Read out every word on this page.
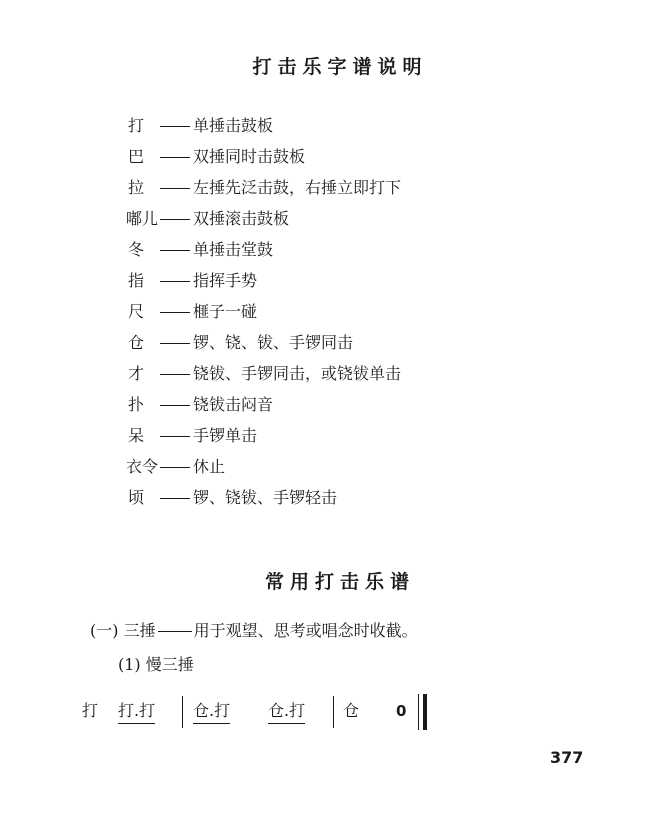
打击乐字谱说明
打	单捶击鼓板
巴	双捶同时击鼓板
拉	左捶先泛击鼓，右捶立即打下
嘟儿 双捶滚击鼓板
冬	单捶击堂鼓
指	指挥手势
尺	榧子一碰
仓	锣、铙、钹、手锣同击
才	铙钹、手锣同击，或铙钹单击
扑	铙钹击闷音
呆	手锣单击
衣令 休止
顷	锣、铙钹、手锣轻击
常用打击乐谱
(一) 三捶 用于观望、思考或唱念时收截。
(1) 慢三捶
打 打.打 仓.打 仓.打 仓 0
377
